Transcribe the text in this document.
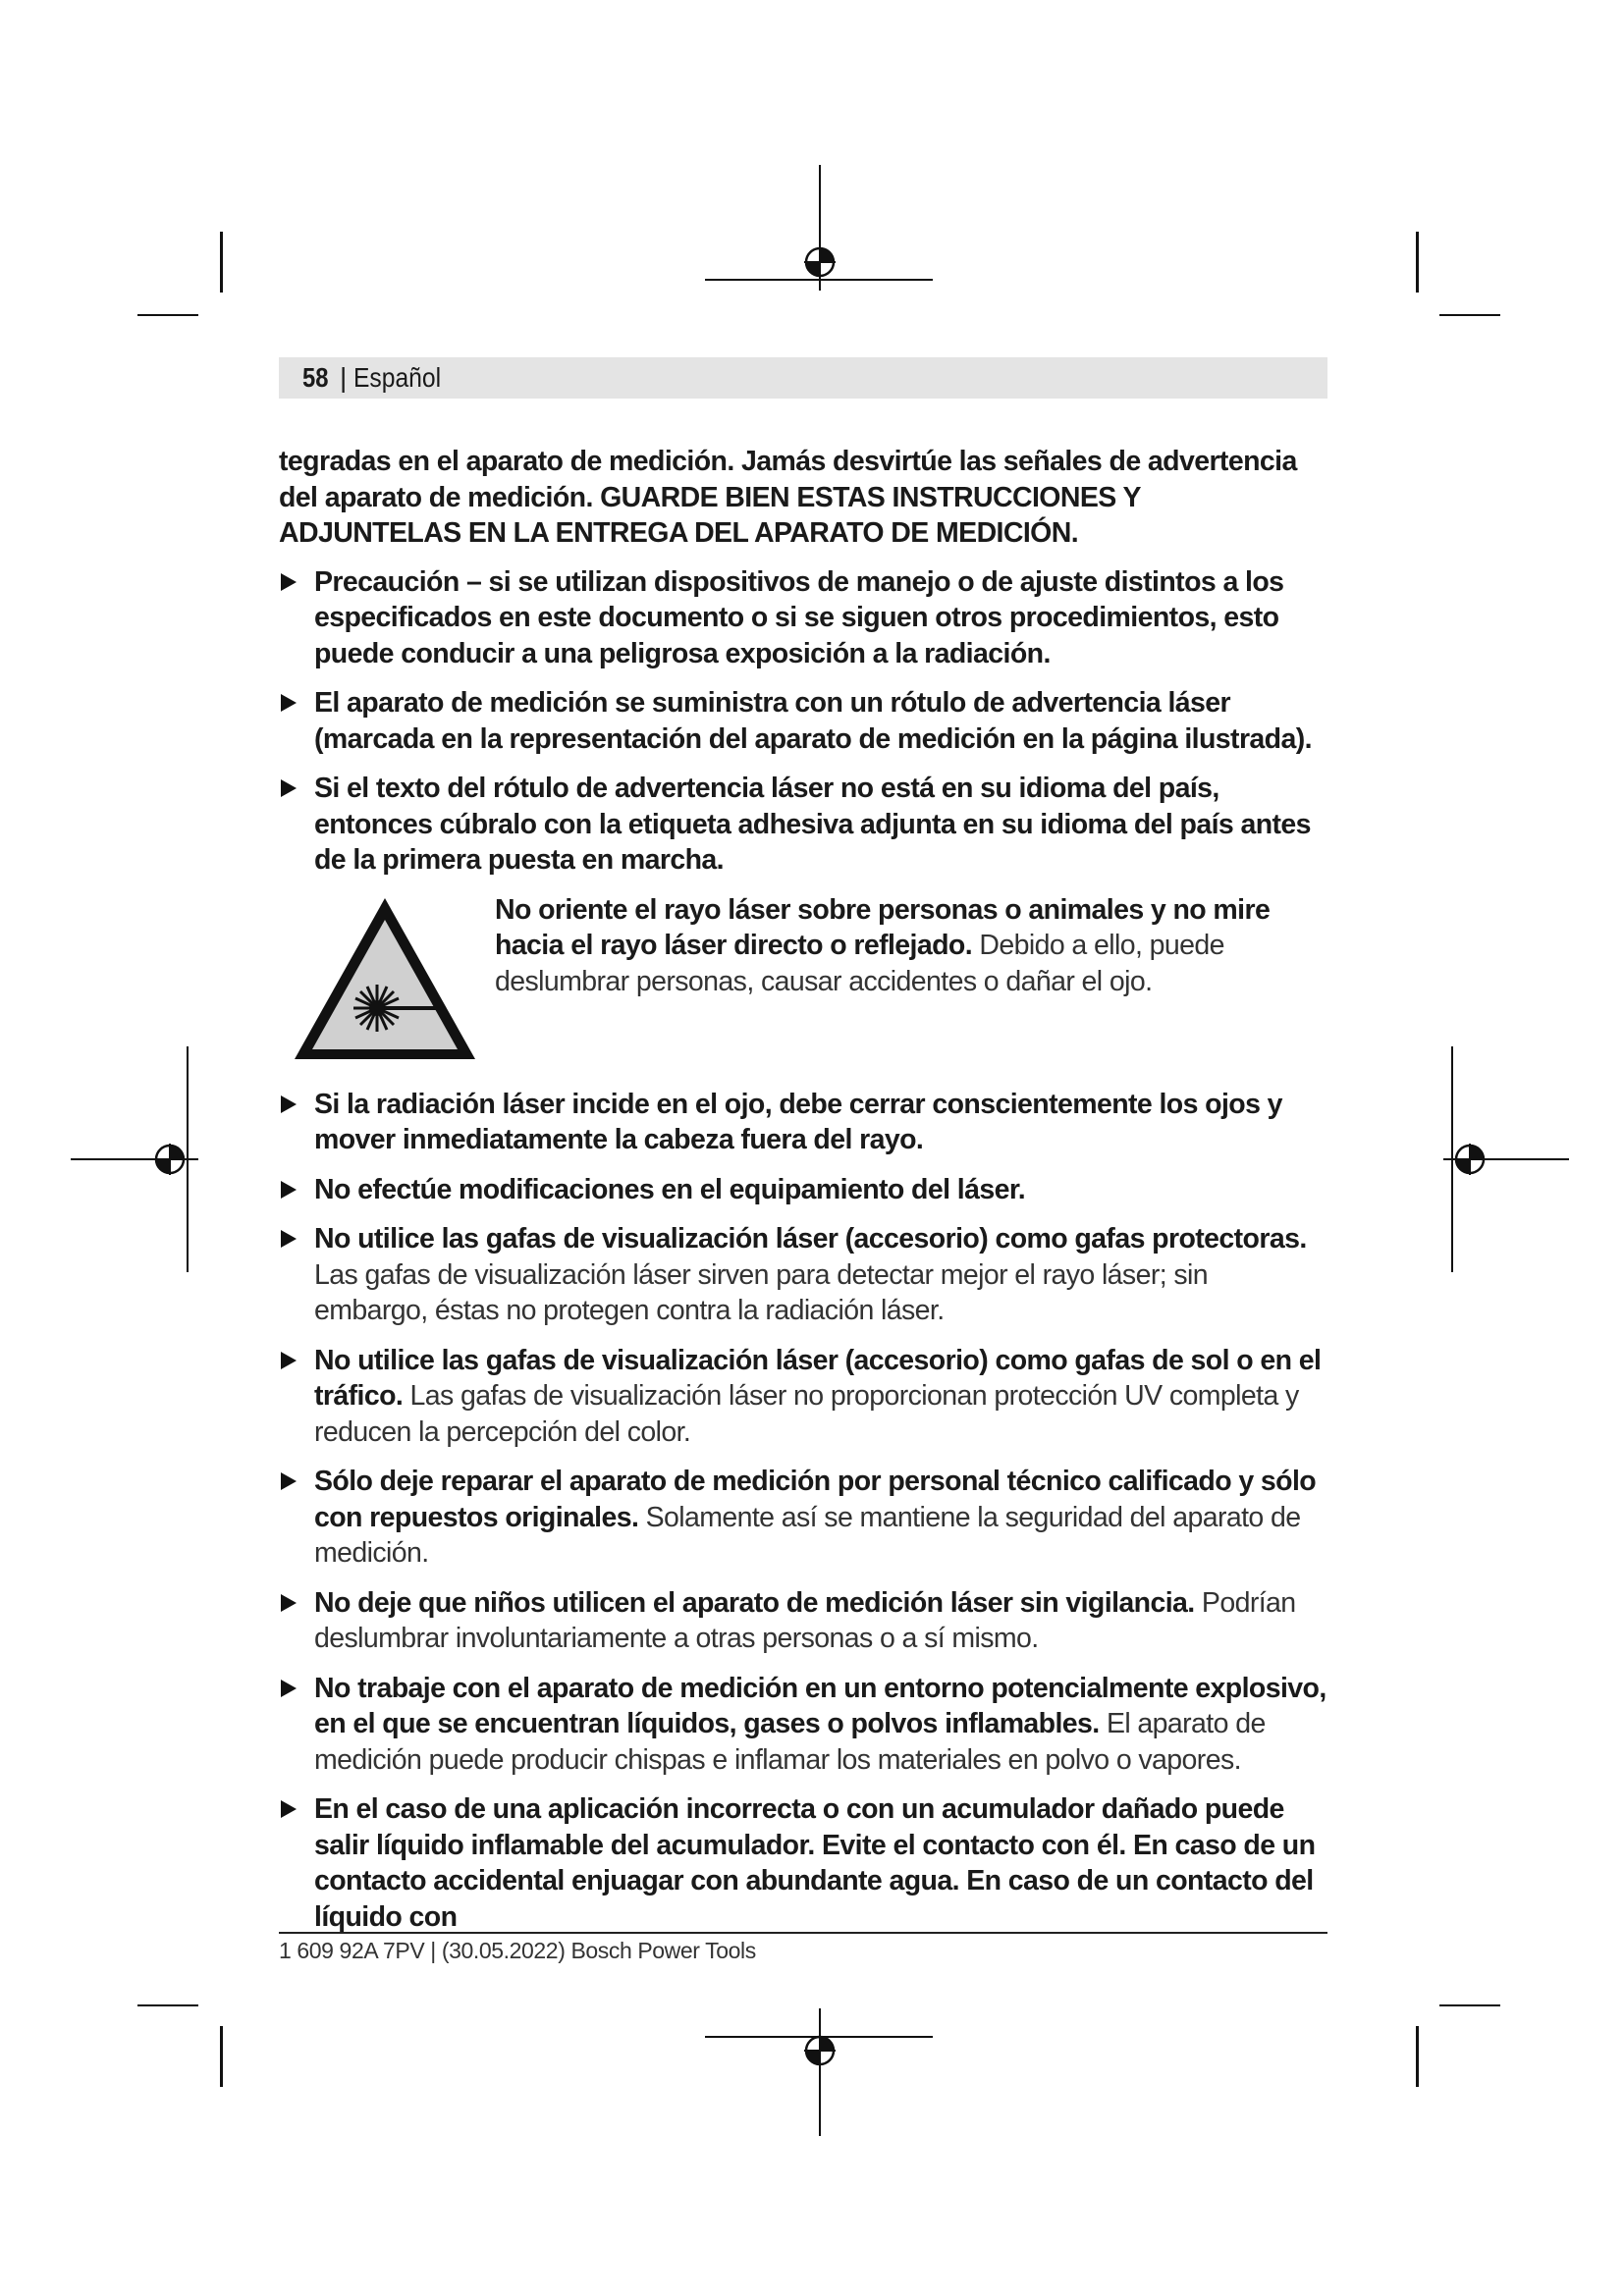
58 | Español

tegradas en el aparato de medición. Jamás desvirtúe las señales de advertencia del aparato de medición. GUARDE BIEN ESTAS INSTRUCCIONES Y ADJUNTELAS EN LA ENTREGA DEL APARATO DE MEDICIÓN.

Precaución – si se utilizan dispositivos de manejo o de ajuste distintos a los especificados en este documento o si se siguen otros procedimientos, esto puede conducir a una peligrosa exposición a la radiación.
El aparato de medición se suministra con un rótulo de advertencia láser (marcada en la representación del aparato de medición en la página ilustrada).
Si el texto del rótulo de advertencia láser no está en su idioma del país, entonces cúbralo con la etiqueta adhesiva adjunta en su idioma del país antes de la primera puesta en marcha.
No oriente el rayo láser sobre personas o animales y no mire hacia el rayo láser directo o reflejado. Debido a ello, puede deslumbrar personas, causar accidentes o dañar el ojo.
Si la radiación láser incide en el ojo, debe cerrar conscientemente los ojos y mover inmediatamente la cabeza fuera del rayo.
No efectúe modificaciones en el equipamiento del láser.
No utilice las gafas de visualización láser (accesorio) como gafas protectoras. Las gafas de visualización láser sirven para detectar mejor el rayo láser; sin embargo, éstas no protegen contra la radiación láser.
No utilice las gafas de visualización láser (accesorio) como gafas de sol o en el tráfico. Las gafas de visualización láser no proporcionan protección UV completa y reducen la percepción del color.
Sólo deje reparar el aparato de medición por personal técnico calificado y sólo con repuestos originales. Solamente así se mantiene la seguridad del aparato de medición.
No deje que niños utilicen el aparato de medición láser sin vigilancia. Podrían deslumbrar involuntariamente a otras personas o a sí mismo.
No trabaje con el aparato de medición en un entorno potencialmente explosivo, en el que se encuentran líquidos, gases o polvos inflamables. El aparato de medición puede producir chispas e inflamar los materiales en polvo o vapores.
En el caso de una aplicación incorrecta o con un acumulador dañado puede salir líquido inflamable del acumulador. Evite el contacto con él. En caso de un contacto accidental enjuagar con abundante agua. En caso de un contacto del líquido con
1 609 92A 7PV | (30.05.2022) Bosch Power Tools
